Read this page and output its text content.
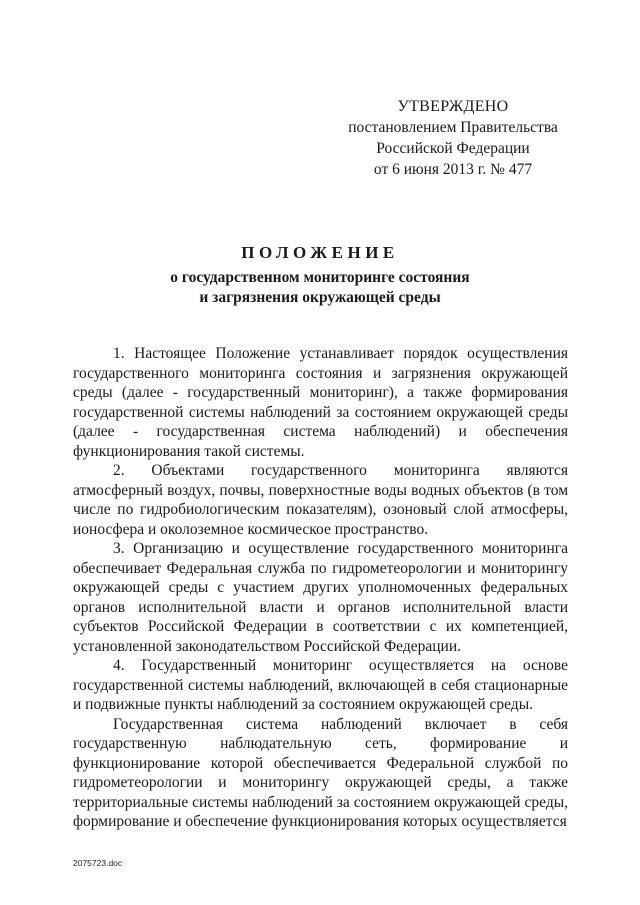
УТВЕРЖДЕНО
постановлением Правительства
Российской Федерации
от 6 июня 2013 г. № 477
ПОЛОЖЕНИЕ
о государственном мониторинге состояния
и загрязнения окружающей среды

1. Настоящее Положение устанавливает порядок осуществления государственного мониторинга состояния и загрязнения окружающей среды (далее - государственный мониторинг), а также формирования государственной системы наблюдений за состоянием окружающей среды (далее - государственная система наблюдений) и обеспечения функционирования такой системы.

2. Объектами государственного мониторинга являются атмосферный воздух, почвы, поверхностные воды водных объектов (в том числе по гидробиологическим показателям), озоновый слой атмосферы, ионосфера и околоземное космическое пространство.

3. Организацию и осуществление государственного мониторинга обеспечивает Федеральная служба по гидрометеорологии и мониторингу окружающей среды с участием других уполномоченных федеральных органов исполнительной власти и органов исполнительной власти субъектов Российской Федерации в соответствии с их компетенцией, установленной законодательством Российской Федерации.

4. Государственный мониторинг осуществляется на основе государственной системы наблюдений, включающей в себя стационарные и подвижные пункты наблюдений за состоянием окружающей среды.

Государственная система наблюдений включает в себя государственную наблюдательную сеть, формирование и функционирование которой обеспечивается Федеральной службой по гидрометеорологии и мониторингу окружающей среды, а также территориальные системы наблюдений за состоянием окружающей среды, формирование и обеспечение функционирования которых осуществляется

2075723.doc
